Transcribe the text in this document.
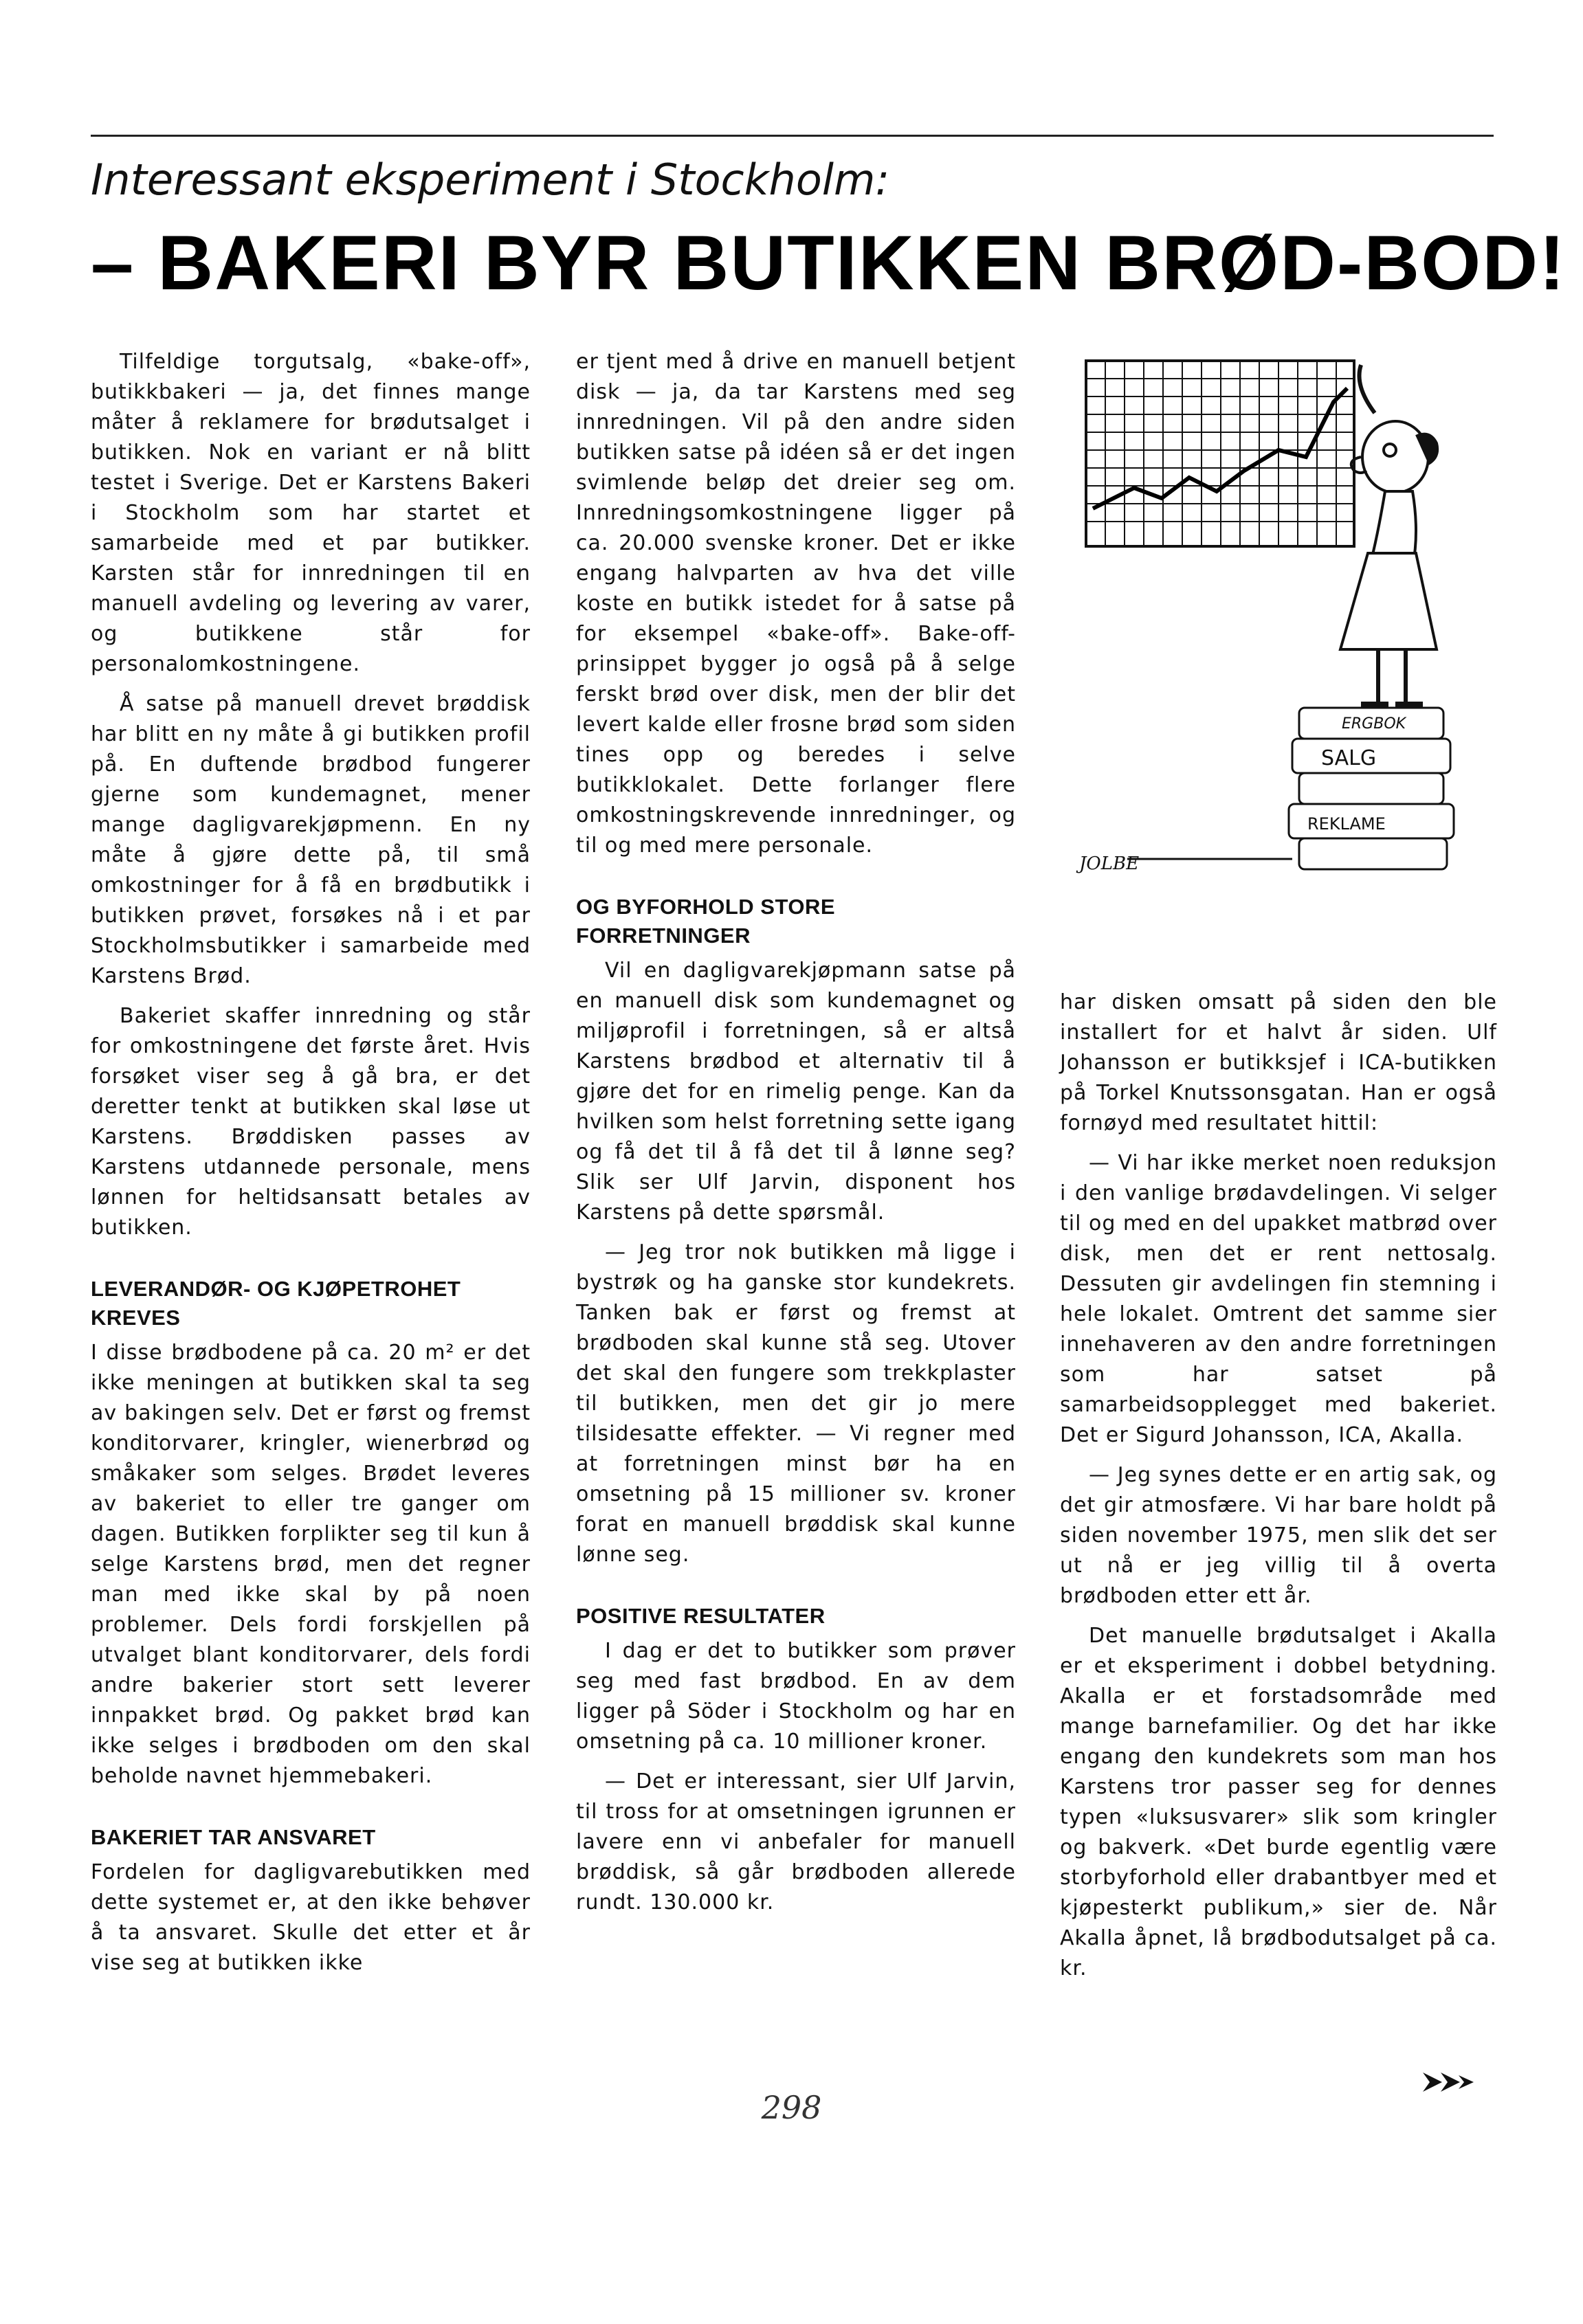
Interessant eksperiment i Stockholm:
– BAKERI BYR BUTIKKEN BRØD-BOD!

Tilfeldige torgutsalg, «bake-off», butikkbakeri — ja, det finnes mange måter å reklamere for brødutsalget i butikken. Nok en variant er nå blitt testet i Sverige. Det er Karstens Bakeri i Stockholm som har startet et samarbeide med et par butikker. Karsten står for innredningen til en manuell avdeling og levering av varer, og butikkene står for personalomkostningene.

Å satse på manuell drevet brøddisk har blitt en ny måte å gi butikken profil på. En duftende brødbod fungerer gjerne som kundemagnet, mener mange dagligvarekjøpmenn. En ny måte å gjøre dette på, til små omkostninger for å få en brødbutikk i butikken prøvet, forsøkes nå i et par Stockholmsbutikker i samarbeide med Karstens Brød.

Bakeriet skaffer innredning og står for omkostningene det første året. Hvis forsøket viser seg å gå bra, er det deretter tenkt at butikken skal løse ut Karstens. Brøddisken passes av Karstens utdannede personale, mens lønnen for heltidsansatt betales av butikken.

LEVERANDØR- OG KJØPETROHET KREVES

I disse brødbodene på ca. 20 m² er det ikke meningen at butikken skal ta seg av bakingen selv. Det er først og fremst konditorvarer, kringler, wienerbrød og småkaker som selges. Brødet leveres av bakeriet to eller tre ganger om dagen. Butikken forplikter seg til kun å selge Karstens brød, men det regner man med ikke skal by på noen problemer. Dels fordi forskjellen på utvalget blant konditorvarer, dels fordi andre bakerier stort sett leverer innpakket brød. Og pakket brød kan ikke selges i brødboden om den skal beholde navnet hjemmebakeri.

BAKERIET TAR ANSVARET

Fordelen for dagligvarebutikken med dette systemet er, at den ikke behøver å ta ansvaret. Skulle det etter et år vise seg at butikken ikke

er tjent med å drive en manuell betjent disk — ja, da tar Karstens med seg innredningen. Vil på den andre siden butikken satse på idéen så er det ingen svimlende beløp det dreier seg om. Innredningsomkostningene ligger på ca. 20.000 svenske kroner. Det er ikke engang halvparten av hva det ville koste en butikk istedet for å satse på for eksempel «bake-off». Bake-off-prinsippet bygger jo også på å selge ferskt brød over disk, men der blir det levert kalde eller frosne brød som siden tines opp og beredes i selve butikklokalet. Dette forlanger flere omkostningskrevende innredninger, og til og med mere personale.

OG BYFORHOLD STORE FORRETNINGER

Vil en dagligvarekjøpmann satse på en manuell disk som kundemagnet og miljøprofil i forretningen, så er altså Karstens brødbod et alternativ til å gjøre det for en rimelig penge. Kan da hvilken som helst forretning sette igang og få det til å få det til å lønne seg? Slik ser Ulf Jarvin, disponent hos Karstens på dette spørsmål.

— Jeg tror nok butikken må ligge i bystrøk og ha ganske stor kundekrets. Tanken bak er først og fremst at brødboden skal kunne stå seg. Utover det skal den fungere som trekkplaster til butikken, men det gir jo mere tilsidesatte effekter. — Vi regner med at forretningen minst bør ha en omsetning på 15 millioner sv. kroner forat en manuell brøddisk skal kunne lønne seg.

POSITIVE RESULTATER

I dag er det to butikker som prøver seg med fast brødbod. En av dem ligger på Söder i Stockholm og har en omsetning på ca. 10 millioner kroner.

— Det er interessant, sier Ulf Jarvin, til tross for at omsetningen igrunnen er lavere enn vi anbefaler for manuell brøddisk, så går brødboden allerede rundt. 130.000 kr.

ERGBOK
SALG
REKLAME
JOLBE

har disken omsatt på siden den ble installert for et halvt år siden. Ulf Johansson er butikksjef i ICA-butikken på Torkel Knutssonsgatan. Han er også fornøyd med resultatet hittil:

— Vi har ikke merket noen reduksjon i den vanlige brødavdelingen. Vi selger til og med en del upakket matbrød over disk, men det er rent nettosalg. Dessuten gir avdelingen fin stemning i hele lokalet. Omtrent det samme sier innehaveren av den andre forretningen som har satset på samarbeidsopplegget med bakeriet. Det er Sigurd Johansson, ICA, Akalla.

— Jeg synes dette er en artig sak, og det gir atmosfære. Vi har bare holdt på siden november 1975, men slik det ser ut nå er jeg villig til å overta brødboden etter ett år.

Det manuelle brødutsalget i Akalla er et eksperiment i dobbel betydning. Akalla er et forstadsområde med mange barnefamilier. Og det har ikke engang den kundekrets som man hos Karstens tror passer seg for dennes typen «luksusvarer» slik som kringler og bakverk. «Det burde egentlig være storbyforhold eller drabantbyer med et kjøpesterkt publikum,» sier de. Når Akalla åpnet, lå brødbodutsalget på ca. kr.

298
